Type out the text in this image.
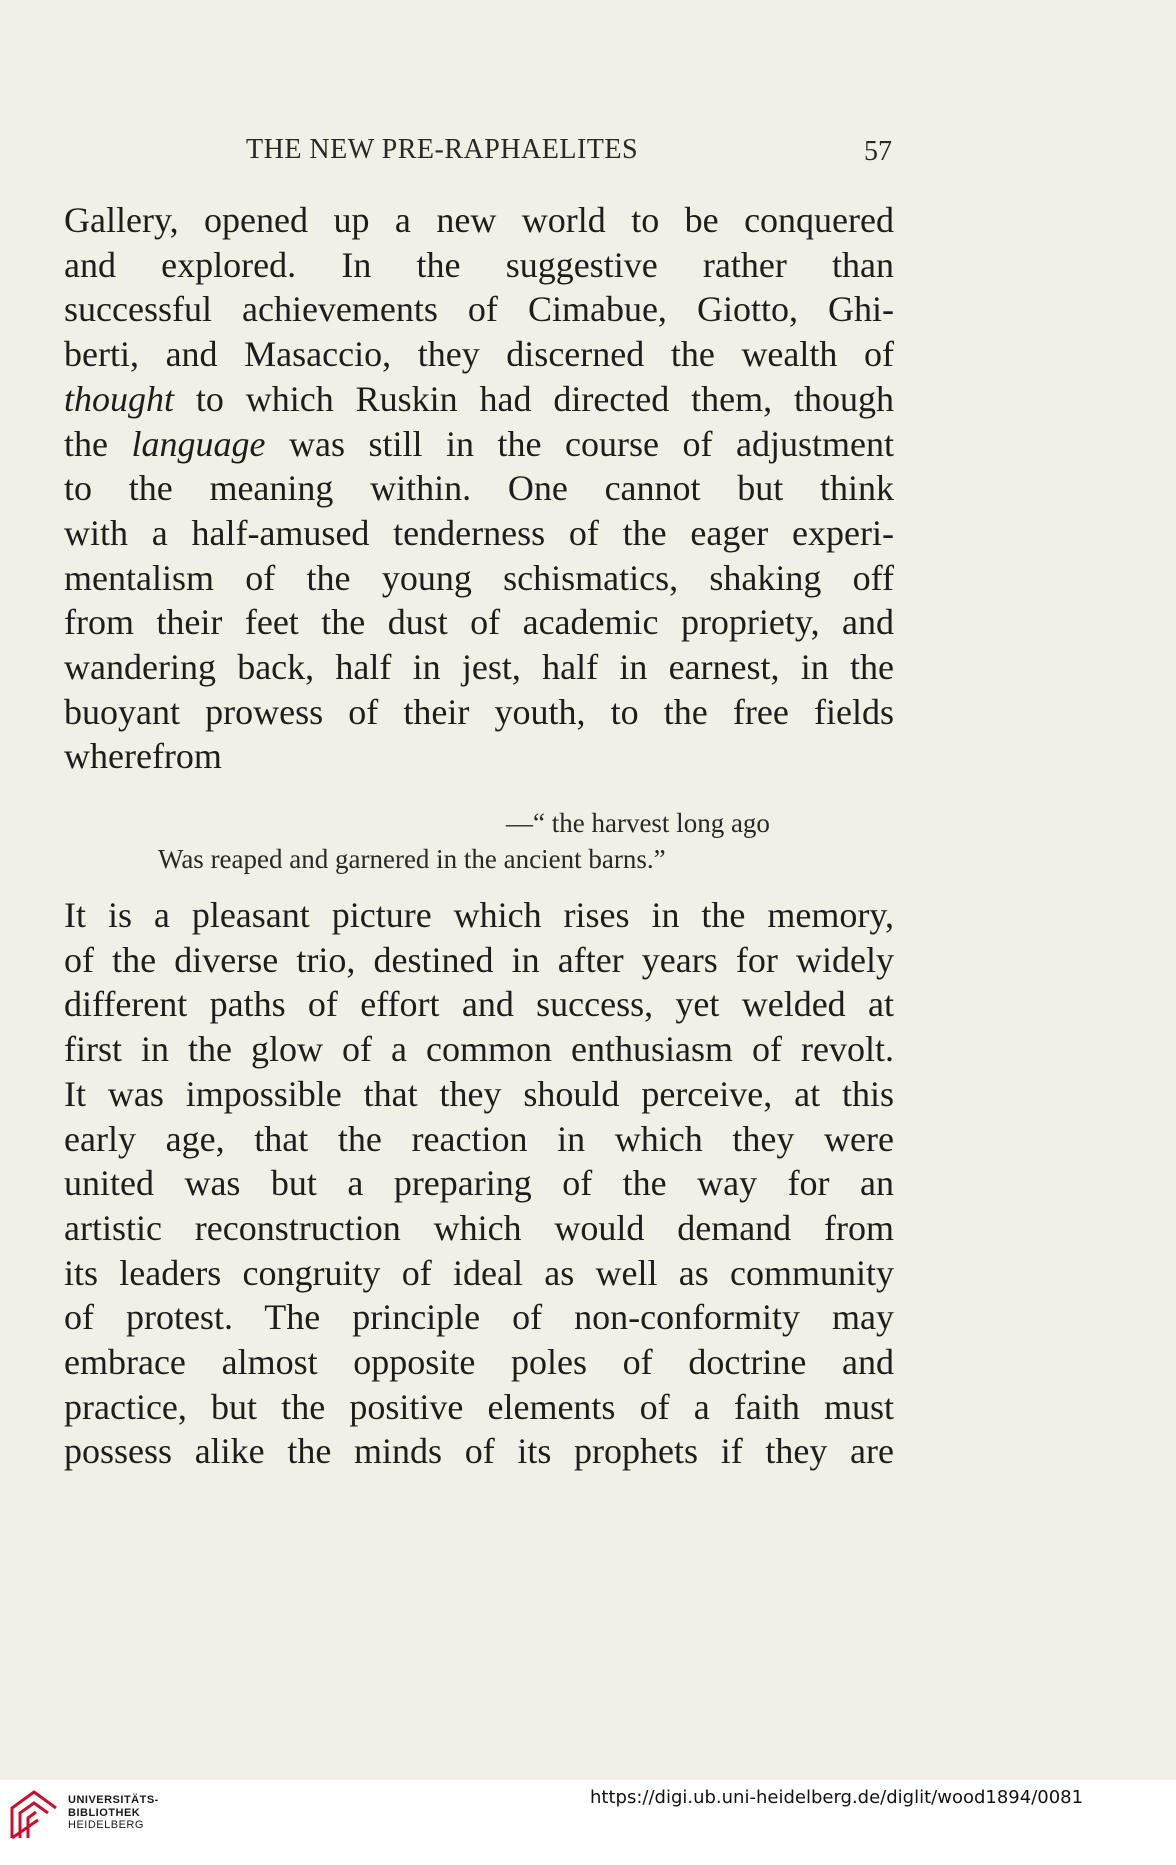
THE NEW PRE-RAPHAELITES	57
Gallery, opened up a new world to be conquered
and explored. In the suggestive rather than
successful achievements of Cimabue, Giotto, Ghi-
berti, and Masaccio, they discerned the wealth of
thought to which Ruskin had directed them, though
the language was still in the course of adjustment
to the meaning within. One cannot but think
with a half-amused tenderness of the eager experi-
mentalism of the young schismatics, shaking off
from their feet the dust of academic propriety, and
wandering back, half in jest, half in earnest, in the
buoyant prowess of their youth, to the free fields
wherefrom
—“ the harvest long ago
Was reaped and garnered in the ancient barns.”
It is a pleasant picture which rises in the memory,
of the diverse trio, destined in after years for widely
different paths of effort and success, yet welded at
first in the glow of a common enthusiasm of revolt.
It was impossible that they should perceive, at this
early age, that the reaction in which they were
united was but a preparing of the way for an
artistic reconstruction which would demand from
its leaders congruity of ideal as well as community
of protest. The principle of non-conformity may
embrace almost opposite poles of doctrine and
practice, but the positive elements of a faith must
possess alike the minds of its prophets if they are
UNIVERSITÄTS-
BIBLIOTHEK
HEIDELBERG
https://digi.ub.uni-heidelberg.de/diglit/wood1894/0081
